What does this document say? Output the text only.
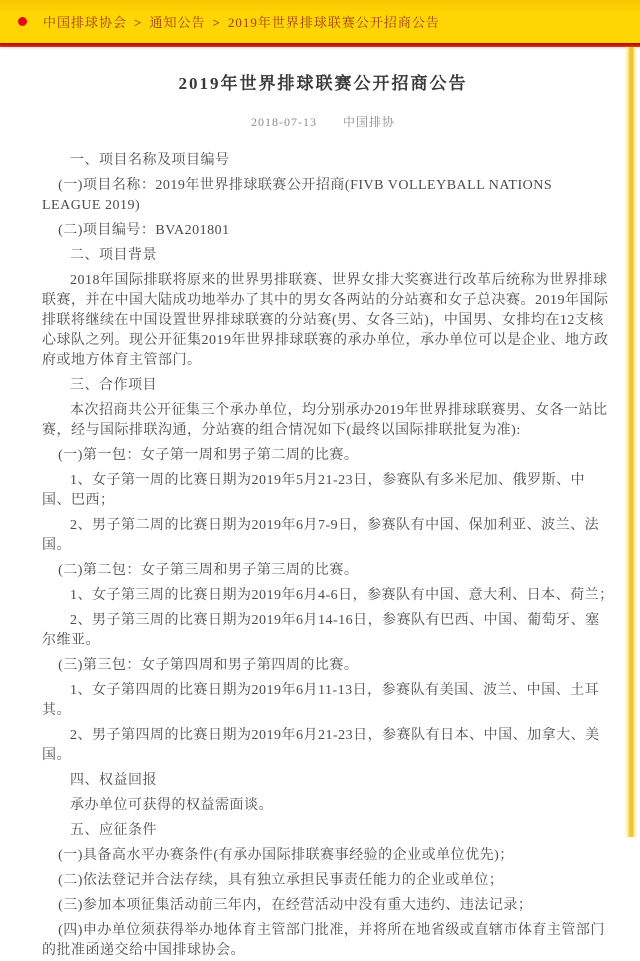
中国排球协会 > 通知公告 > 2019年世界排球联赛公开招商公告
2019年世界排球联赛公开招商公告
2018-07-13 中国排协

一、项目名称及项目编号

(一)项目名称：2019年世界排球联赛公开招商(FIVB VOLLEYBALL NATIONS LEAGUE 2019)

(二)项目编号：BVA201801

二、项目背景

2018年国际排联将原来的世界男排联赛、世界女排大奖赛进行改革后统称为世界排球联赛，并在中国大陆成功地举办了其中的男女各两站的分站赛和女子总决赛。2019年国际排联将继续在中国设置世界排球联赛的分站赛(男、女各三站)，中国男、女排均在12支核心球队之列。现公开征集2019年世界排球联赛的承办单位，承办单位可以是企业、地方政府或地方体育主管部门。

三、合作项目

本次招商共公开征集三个承办单位，均分别承办2019年世界排球联赛男、女各一站比赛，经与国际排联沟通，分站赛的组合情况如下(最终以国际排联批复为准):

(一)第一包：女子第一周和男子第二周的比赛。

1、女子第一周的比赛日期为2019年5月21-23日，参赛队有多米尼加、俄罗斯、中国、巴西；

2、男子第二周的比赛日期为2019年6月7-9日，参赛队有中国、保加利亚、波兰、法国。

(二)第二包：女子第三周和男子第三周的比赛。

1、女子第三周的比赛日期为2019年6月4-6日，参赛队有中国、意大利、日本、荷兰；

2、男子第三周的比赛日期为2019年6月14-16日，参赛队有巴西、中国、葡萄牙、塞尔维亚。

(三)第三包：女子第四周和男子第四周的比赛。

1、女子第四周的比赛日期为2019年6月11-13日，参赛队有美国、波兰、中国、土耳其。

2、男子第四周的比赛日期为2019年6月21-23日，参赛队有日本、中国、加拿大、美国。

四、权益回报

承办单位可获得的权益需面谈。

五、应征条件

(一)具备高水平办赛条件(有承办国际排联赛事经验的企业或单位优先)；

(二)依法登记并合法存续，具有独立承担民事责任能力的企业或单位；

(三)参加本项征集活动前三年内，在经营活动中没有重大违约、违法记录；

(四)申办单位须获得举办地体育主管部门批准，并将所在地省级或直辖市体育主管部门的批准函递交给中国排球协会。
